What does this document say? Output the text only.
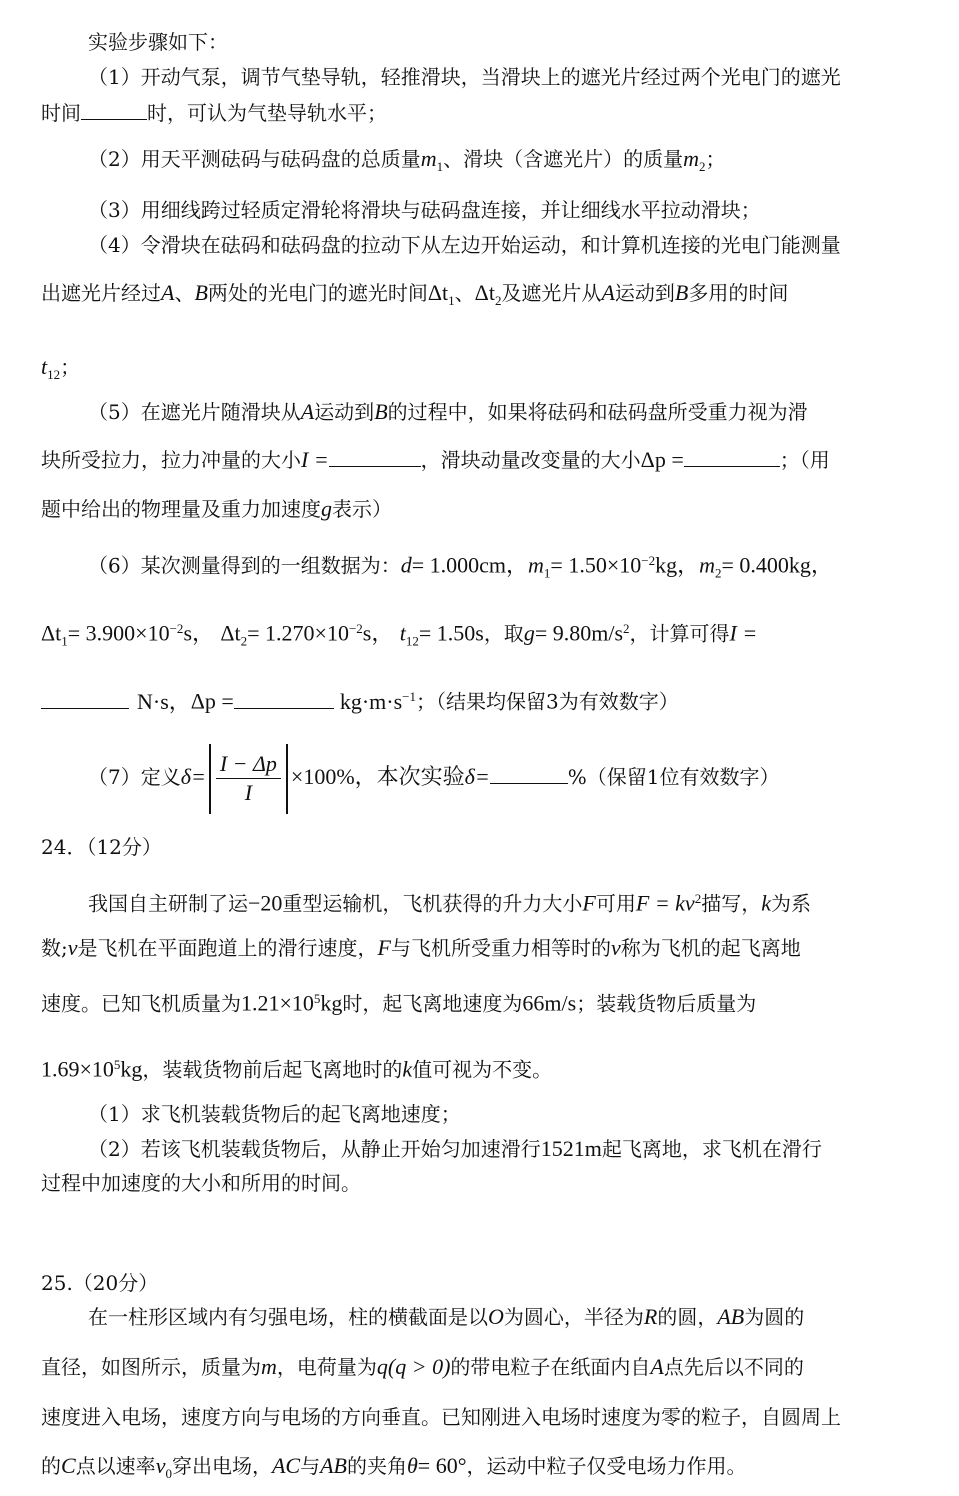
实验步骤如下：
（1）开动气泵，调节气垫导轨，轻推滑块，当滑块上的遮光片经过两个光电门的遮光
时间	时，可认为气垫导轨水平；
（2）用天平测砝码与砝码盘的总质量$m_1$、滑块（含遮光片）的质量$m_2$；
（3）用细线跨过轻质定滑轮将滑块与砝码盘连接，并让细线水平拉动滑块；
（4）令滑块在砝码和砝码盘的拉动下从左边开始运动，和计算机连接的光电门能测量
出遮光片经过A、B两处的光电门的遮光时间$\Delta t_1$、$\Delta t_2$及遮光片从A运动到B多用的时间
$t_{12}$；
（5）在遮光片随滑块从A运动到B的过程中，如果将砝码和砝码盘所受重力视为滑
块所受拉力，拉力冲量的大小I =	，滑块动量改变量的大小Δp =	；（用
题中给出的物理量及重力加速度g表示）
（6）某次测量得到的一组数据为：d= 1.000cm，$m_1= 1.50\times 10^{-2}kg$，$m_2= 0.400kg$，
$\Delta t_1= 3.900\times 10^{-2}s$， $\Delta t_2= 1.270\times 10^{-2}s$， $t_{12}= 1.50s$，取$g= 9.80m/s^2$，计算可得I =
N·s，Δp =	$kg\cdot m\cdot s^{-1}$；（结果均保留3为有效数字）
（7）定义$\delta= \frac{I - \Delta p}{I} \times 100\%$，本次实验δ=	%（保留1位有效数字）
24．（12分）
我国自主研制了运−20重型运输机，飞机获得的升力大小F可用$F = kv^2$描写，k为系
数;v是飞机在平面跑道上的滑行速度，F与飞机所受重力相等时的v称为飞机的起飞离地
速度。已知飞机质量为$1.21\times 10^5kg$时，起飞离地速度为66m/s；装载货物后质量为
$1.69\times 10^5kg$，装载货物前后起飞离地时的k值可视为不变。
（1）求飞机装载货物后的起飞离地速度；
（2）若该飞机装载货物后，从静止开始匀加速滑行1521m起飞离地，求飞机在滑行
过程中加速度的大小和所用的时间。
25.（20分）
在一柱形区域内有匀强电场，柱的横截面是以O为圆心，半径为R的圆，AB为圆的
直径，如图所示，质量为m，电荷量为q(q > 0)的带电粒子在纸面内自A点先后以不同的
速度进入电场，速度方向与电场的方向垂直。已知刚进入电场时速度为零的粒子，自圆周上
的C点以速率$v_0$穿出电场，AC与AB的夹角θ= 60°，运动中粒子仅受电场力作用。
